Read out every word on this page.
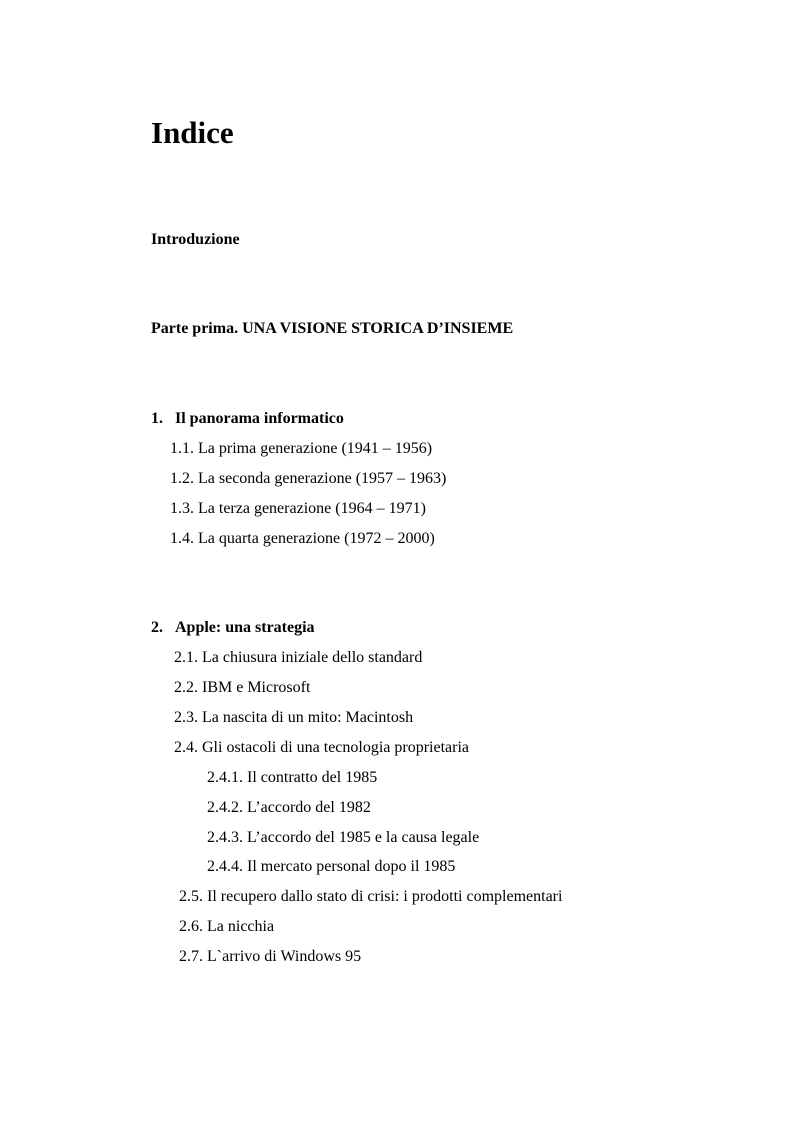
Indice
Introduzione
Parte prima. UNA VISIONE STORICA D’INSIEME
1. Il panorama informatico
1.1. La prima generazione (1941 – 1956)
1.2. La seconda generazione (1957 – 1963)
1.3. La terza generazione (1964 – 1971)
1.4. La quarta generazione (1972 – 2000)
2. Apple: una strategia
2.1. La chiusura iniziale dello standard
2.2. IBM e Microsoft
2.3. La nascita di un mito: Macintosh
2.4. Gli ostacoli di una tecnologia proprietaria
2.4.1. Il contratto del 1985
2.4.2. L’accordo del 1982
2.4.3. L’accordo del 1985 e la causa legale
2.4.4. Il mercato personal dopo il 1985
2.5. Il recupero dallo stato di crisi: i prodotti complementari
2.6. La nicchia
2.7. L`arrivo di Windows 95
